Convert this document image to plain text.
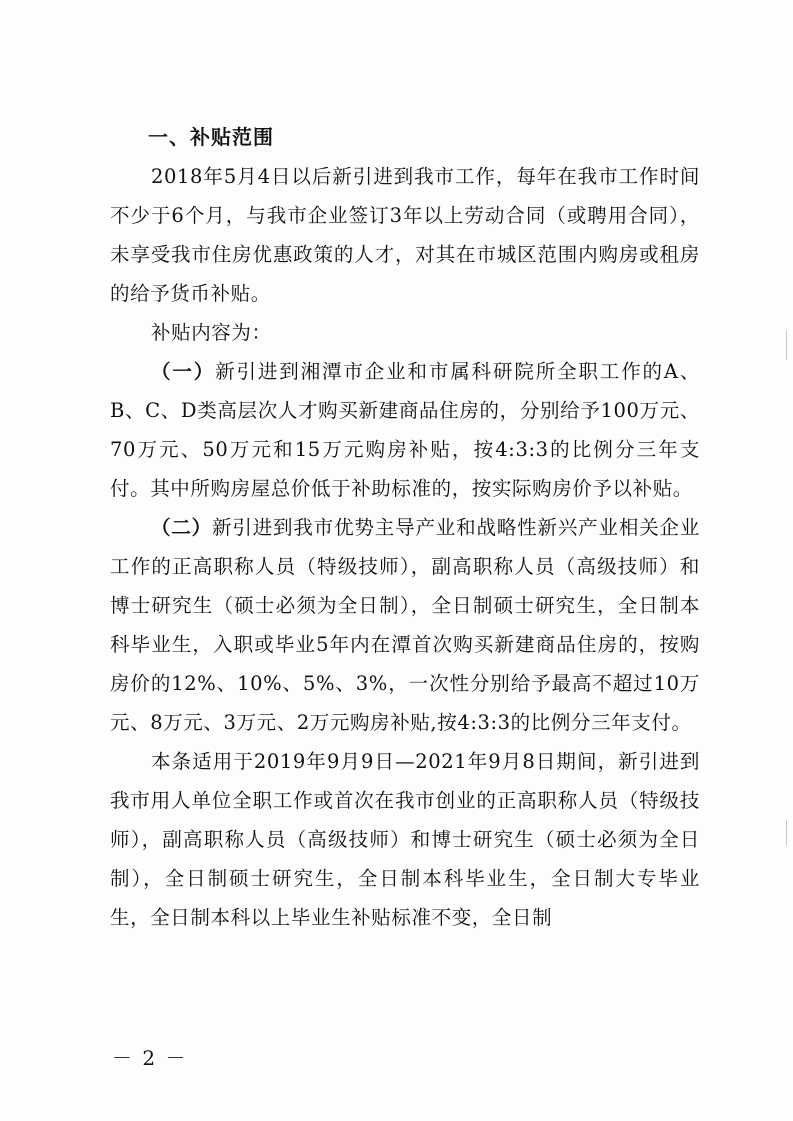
一、补贴范围

2018年5月4日以后新引进到我市工作，每年在我市工作时间不少于6个月，与我市企业签订3年以上劳动合同（或聘用合同），未享受我市住房优惠政策的人才，对其在市城区范围内购房或租房的给予货币补贴。

补贴内容为：

（一）新引进到湘潭市企业和市属科研院所全职工作的A、B、C、D类高层次人才购买新建商品住房的，分别给予100万元、70万元、50万元和15万元购房补贴，按4:3:3的比例分三年支付。其中所购房屋总价低于补助标准的，按实际购房价予以补贴。

（二）新引进到我市优势主导产业和战略性新兴产业相关企业工作的正高职称人员（特级技师），副高职称人员（高级技师）和博士研究生（硕士必须为全日制），全日制硕士研究生，全日制本科毕业生，入职或毕业5年内在潭首次购买新建商品住房的，按购房价的12%、10%、5%、3%，一次性分别给予最高不超过10万元、8万元、3万元、2万元购房补贴,按4:3:3的比例分三年支付。

本条适用于2019年9月9日—2021年9月8日期间，新引进到我市用人单位全职工作或首次在我市创业的正高职称人员（特级技师），副高职称人员（高级技师）和博士研究生（硕士必须为全日制），全日制硕士研究生，全日制本科毕业生，全日制大专毕业生，全日制本科以上毕业生补贴标准不变，全日制

－ 2 －
